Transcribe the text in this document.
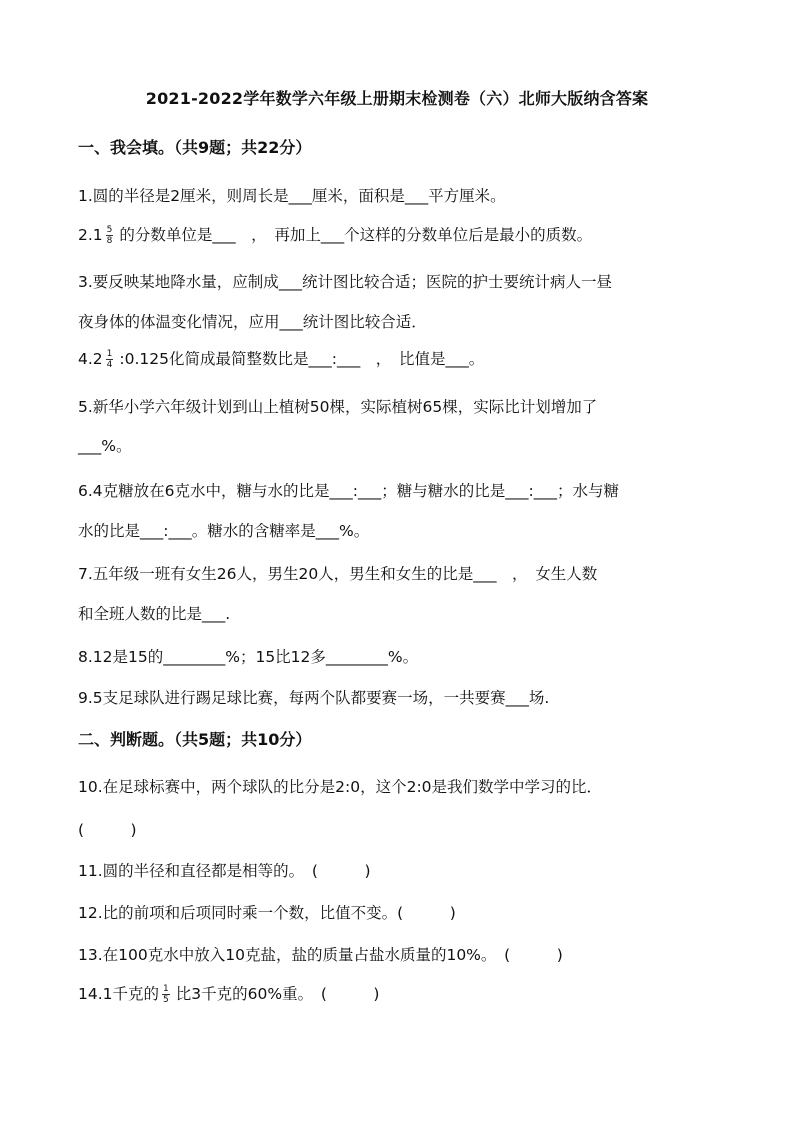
2021-2022学年数学六年级上册期末检测卷（六）北师大版纳含答案
一、我会填。（共9题；共22分）
1.圆的半径是2厘米，则周长是___厘米，面积是___平方厘米。
$2.1 \frac{5}{8}$ 的分数单位是___　，　再加上___个这样的分数单位后是最小的质数。
3.要反映某地降水量，应制成___统计图比较合适；医院的护士要统计病人一昼
夜身体的体温变化情况，应用___统计图比较合适．
$4.2 \frac{1}{4}$ :0.125化简成最简整数比是___:___　，　比值是___。
5.新华小学六年级计划到山上植树50棵，实际植树65棵，实际比计划增加了
___%。
6.4克糖放在6克水中，糖与水的比是___:___；糖与糖水的比是___:___；水与糖
水的比是___:___。糖水的含糖率是___%。
7.五年级一班有女生26人，男生20人，男生和女生的比是___　，　女生人数
和全班人数的比是___.
8.12是15的________%；15比12多________%。
9.5支足球队进行踢足球比赛，每两个队都要赛一场，一共要赛___场.
二、判断题。（共5题；共10分）
10.在足球标赛中，两个球队的比分是2:0，这个2:0是我们数学中学习的比．
(　　　)
11.圆的半径和直径都是相等的。　(　　　)
12.比的前项和后项同时乘一个数，比值不变。(　　　)
13.在100克水中放入10克盐，盐的质量占盐水质量的10%。　(　　　)
14.1千克的 $\frac{1}{5}$ 比3千克的60%重。　(　　　)
